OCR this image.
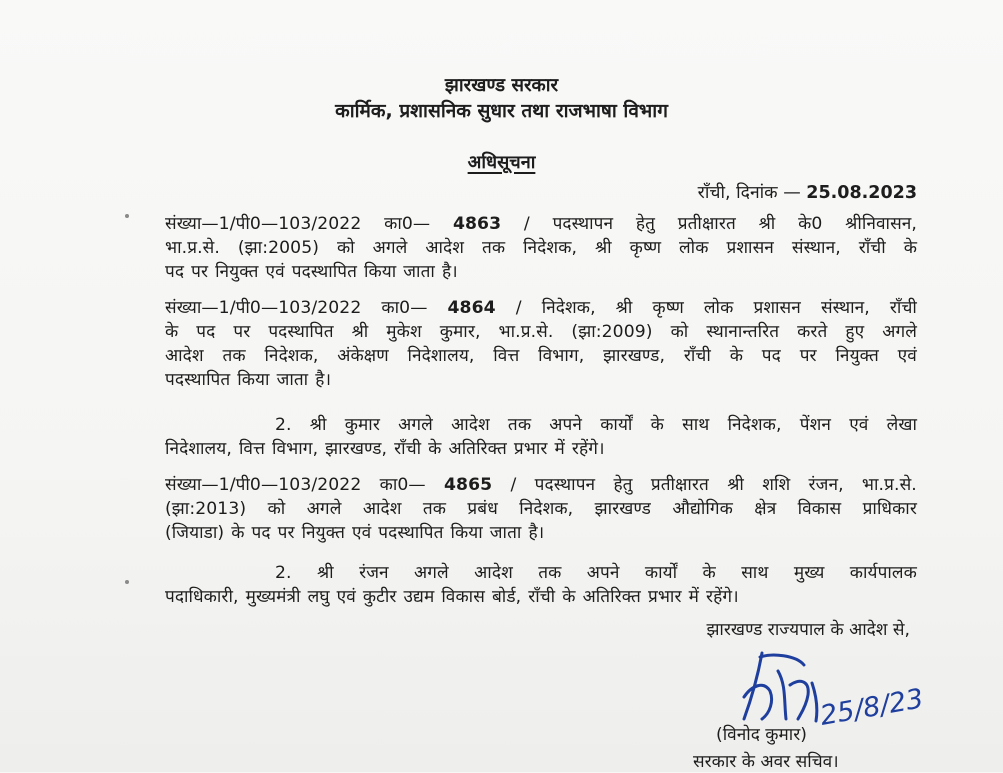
झारखण्ड सरकार
कार्मिक, प्रशासनिक सुधार तथा राजभाषा विभाग
अधिसूचना
राँची, दिनांक — 25.08.2023
संख्या—1/पी0—103/2022 का0— 4863 / पदस्थापन हेतु प्रतीक्षारत श्री के0 श्रीनिवासन,
भा.प्र.से. (झा:2005) को अगले आदेश तक निदेशक, श्री कृष्ण लोक प्रशासन संस्थान, राँची के
पद पर नियुक्त एवं पदस्थापित किया जाता है।
संख्या—1/पी0—103/2022 का0— 4864 / निदेशक, श्री कृष्ण लोक प्रशासन संस्थान, राँची
के पद पर पदस्थापित श्री मुकेश कुमार, भा.प्र.से. (झा:2009) को स्थानान्तरित करते हुए अगले
आदेश तक निदेशक, अंकेक्षण निदेशालय, वित्त विभाग, झारखण्ड, राँची के पद पर नियुक्त एवं
पदस्थापित किया जाता है।
2. श्री कुमार अगले आदेश तक अपने कार्यों के साथ निदेशक, पेंशन एवं लेखा
निदेशालय, वित्त विभाग, झारखण्ड, राँची के अतिरिक्त प्रभार में रहेंगे।
संख्या—1/पी0—103/2022 का0— 4865 / पदस्थापन हेतु प्रतीक्षारत श्री शशि रंजन, भा.प्र.से.
(झा:2013) को अगले आदेश तक प्रबंध निदेशक, झारखण्ड औद्योगिक क्षेत्र विकास प्राधिकार
(जियाडा) के पद पर नियुक्त एवं पदस्थापित किया जाता है।
2. श्री रंजन अगले आदेश तक अपने कार्यों के साथ मुख्य कार्यपालक
पदाधिकारी, मुख्यमंत्री लघु एवं कुटीर उद्यम विकास बोर्ड, राँची के अतिरिक्त प्रभार में रहेंगे।
झारखण्ड राज्यपाल के आदेश से,
25/8/23
(विनोद कुमार)
सरकार के अवर सचिव।
